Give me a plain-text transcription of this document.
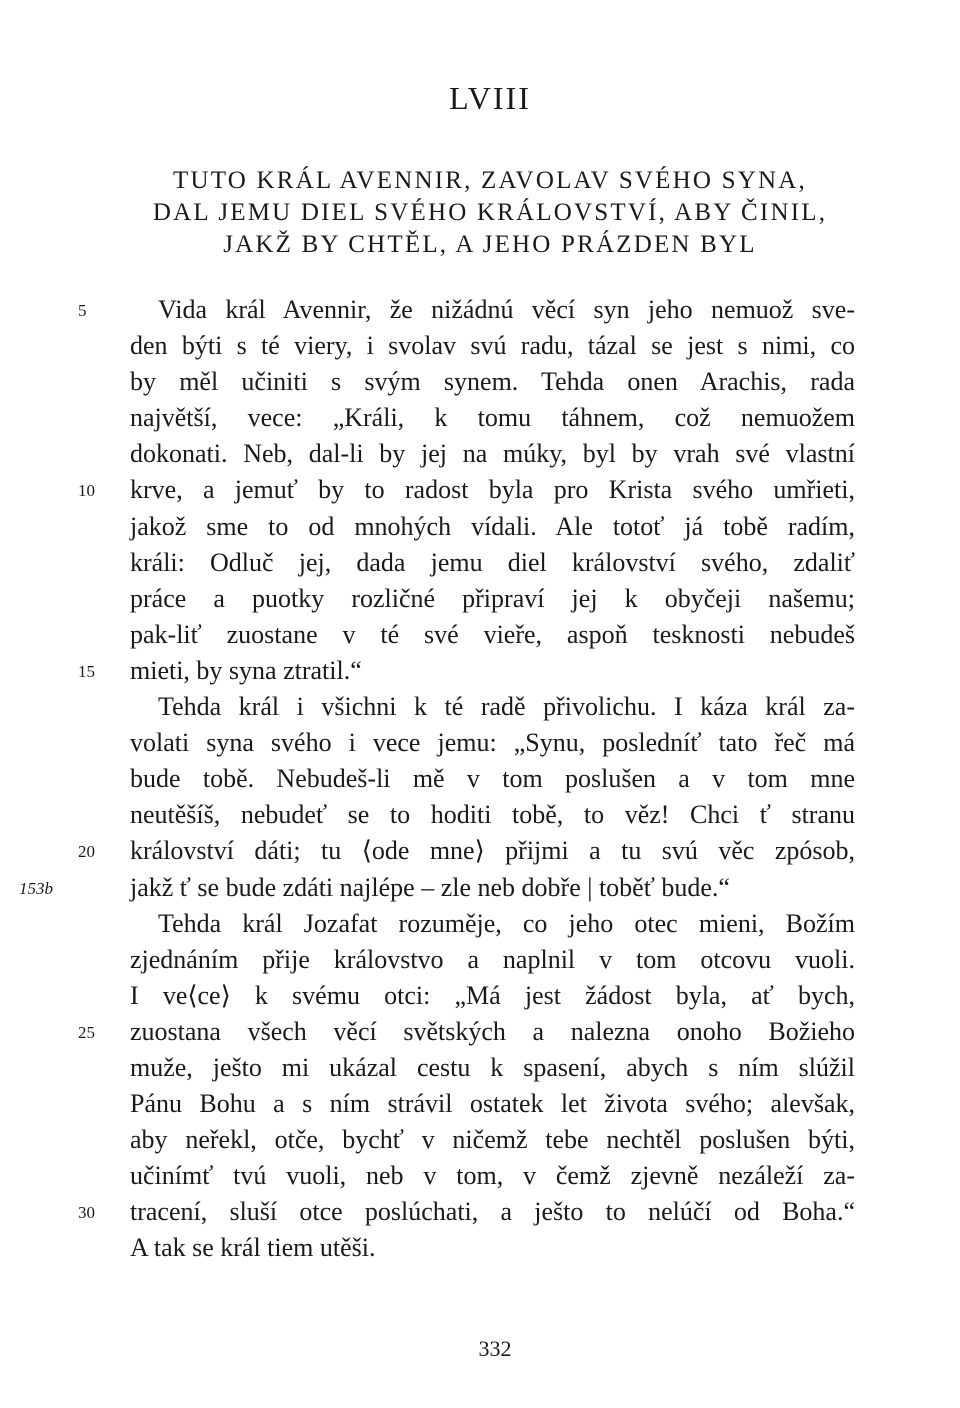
LVIII
TUTO KRÁL AVENNIR, ZAVOLAV SVÉHO SYNA,
DAL JEMU DIEL SVÉHO KRÁLOVSTVÍ, ABY ČINIL,
JAKŽ BY CHTĚL, A JEHO PRÁZDEN BYL
5	Vida král Avennir, že nižádnú věcí syn jeho nemuož sve-
den býti s té viery, i svolav svú radu, tázal se jest s nimi, co
by měl učiniti s svým synem. Tehda onen Arachis, rada
najvětší, vece: „Králi, k tomu táhnem, což nemuožem
dokonati. Neb, dal-li by jej na múky, byl by vrah své vlastní
10	krve, a jemuť by to radost byla pro Krista svého umřieti,
jakož sme to od mnohých vídali. Ale totoť já tobě radím,
králi: Odluč jej, dada jemu diel království svého, zdaliť
práce a puotky rozličné připraví jej k obyčeji našemu;
pak-liť zuostane v té své vieře, aspoň tesknosti nebudeš
15	mieti, by syna ztratil.“
Tehda král i všichni k té radě přivolichu. I káza král za-
volati syna svého i vece jemu: „Synu, posledníť tato řeč má
bude tobě. Nebudeš-li mě v tom poslušen a v tom mne
neutěšíš, nebudeť se to hoditi tobě, to věz! Chci ť stranu
20	království dáti; tu ⟨ode mne⟩ přijmi a tu svú věc zpósob,
153b	jakž ť se bude zdáti najlépe – zle neb dobře | toběť bude.“
Tehda král Jozafat rozuměje, co jeho otec mieni, Božím
zjednáním přije královstvo a naplnil v tom otcovu vuoli.
I ve⟨ce⟩ k svému otci: „Má jest žádost byla, ať bych,
25	zuostana všech věcí světských a nalezna onoho Božieho
muže, ješto mi ukázal cestu k spasení, abych s ním slúžil
Pánu Bohu a s ním strávil ostatek let života svého; alevšak,
aby neřekl, otče, bychť v ničemž tebe nechtěl poslušen býti,
učinímť tvú vuoli, neb v tom, v čemž zjevně nezáleží za-
30	tracení, sluší otce poslúchati, a ješto to nelúčí od Boha.“
A tak se král tiem utěši.
332
